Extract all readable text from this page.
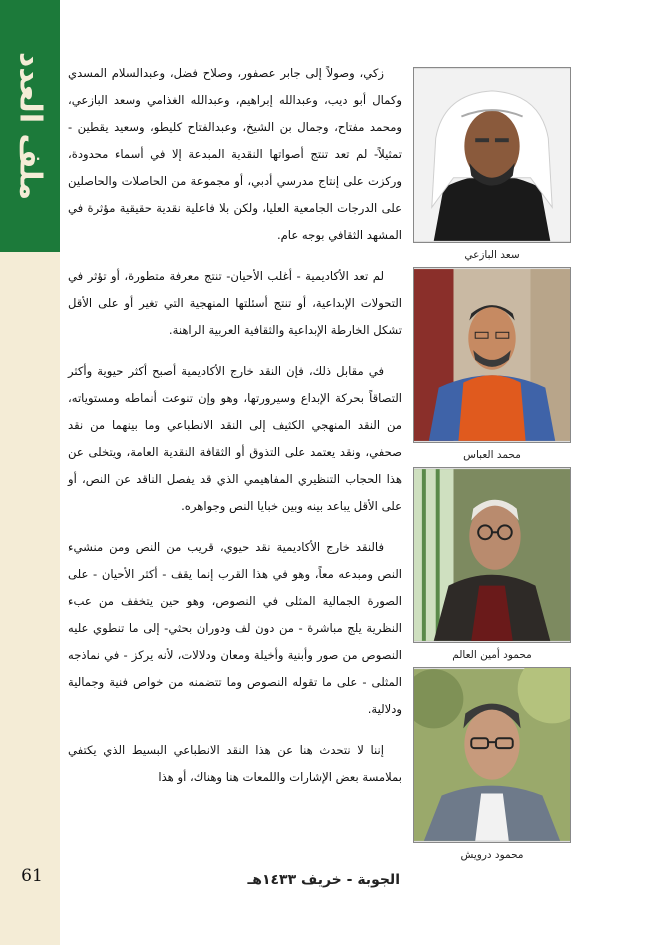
ملف العدد زكي، وصولاً إلى جابر عصفور، وصلاح فضل، وعبدالسلام المسدي وكمال أبو ديب، وعبدالله إبراهيم، وعبدالله الغذامي وسعد البازعي، ومحمد مفتاح، وجمال بن الشيخ، وعبدالفتاح كليطو، وسعيد يقطين - تمثيلاً- لم تعد تنتج أصواتها النقدية المبدعة إلا في أسماء محدودة، وركزت على إنتاج مدرسي أدبي، أو مجموعة من الحاصلات والحاصلين على الدرجات الجامعية العليا، ولكن بلا فاعلية نقدية حقيقية مؤثرة في المشهد الثقافي بوجه عام.

لم تعد الأكاديمية - أغلب الأحيان- تنتج معرفة متطورة، أو تؤثر في التحولات الإبداعية، أو تنتج أسئلتها المنهجية التي تغير أو على الأقل تشكل الخارطة الإبداعية والثقافية العربية الراهنة.

في مقابل ذلك، فإن النقد خارج الأكاديمية أصبح أكثر حيوية وأكثر التصاقاً بحركة الإبداع وسيرورتها، وهو وإن تنوعت أنماطه ومستوياته، من النقد المنهجي الكثيف إلى النقد الانطباعي وما بينهما من نقد صحفي، ونقد يعتمد على التذوق أو الثقافة النقدية العامة، ويتخلى عن هذا الحجاب التنظيري المفاهيمي الذي قد يفصل الناقد عن النص، أو على الأقل يباعد بينه وبين خبايا النص وجواهره.

فالنقد خارج الأكاديمية نقد حيوي، قريب من النص ومن منشيء النص ومبدعه معاً، وهو في هذا القرب إنما يقف - أكثر الأحيان - على الصورة الجمالية المثلى في النصوص، وهو حين يتخفف من عبء النظرية يلج مباشرة - من دون لف ودوران بحثي- إلى ما تنطوي عليه النصوص من صور وأبنية وأخيلة ومعان ودلالات، لأنه يركز - في نماذجه المثلى - على ما تقوله النصوص وما تتضمنه من خواص فنية وجمالية ودلالية.

إننا لا نتحدث هنا عن هذا النقد الانطباعي البسيط الذي يكتفي بملامسة بعض الإشارات واللمعات هنا وهناك، أو هذا

سعد البازعي
محمد العباس
محمود أمين العالم
محمود درويش
61	الجوبة - خريف ١٤٣٣هـ
